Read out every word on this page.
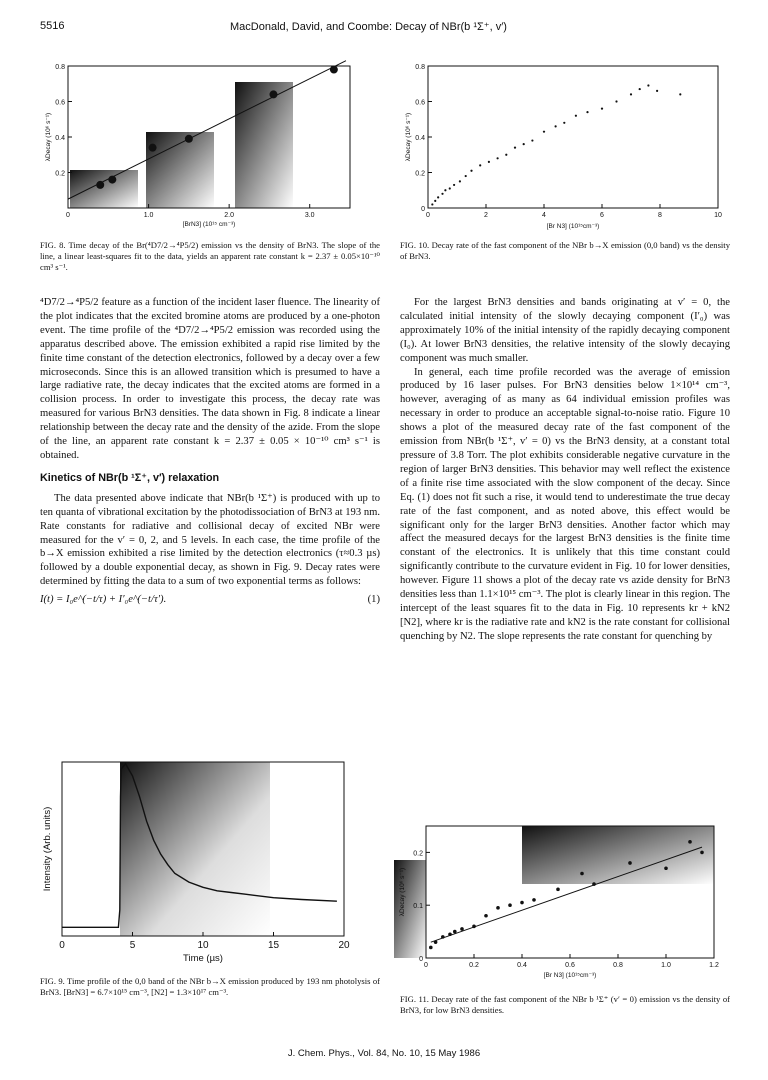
5516	MacDonald, David, and Coombe: Decay of NBr(b ¹Σ⁺, v′)
0	1.0	2.0	3.0
0.8
0.6
0.4
0.2
[BrN3] (10¹⁵ cm⁻³)
λDecay (10⁶ s⁻¹)
FIG. 8. Time decay of the Br(⁴D7/2→⁴P5/2) emission vs the density of BrN3. The slope of the line, a linear least-squares fit to the data, yields an apparent rate constant k = 2.37 ± 0.05×10⁻¹⁰ cm³ s⁻¹.
0	2	4	6	8	10
0.8
0.6
0.4
0.2
0
[Br N3] (10¹⁵cm⁻³)
λDecay (10⁶ s⁻¹)
FIG. 10. Decay rate of the fast component of the NBr b→X emission (0,0 band) vs the density of BrN3.

⁴D7/2→⁴P5/2 feature as a function of the incident laser fluence. The linearity of the plot indicates that the excited bromine atoms are produced by a one-photon event. The time profile of the ⁴D7/2→⁴P5/2 emission was recorded using the apparatus described above. The emission exhibited a rapid rise limited by the finite time constant of the detection electronics, followed by a decay over a few microseconds. Since this is an allowed transition which is presumed to have a large radiative rate, the decay indicates that the excited atoms are formed in a collision process. In order to investigate this process, the decay rate was measured for various BrN3 densities. The data shown in Fig. 8 indicate a linear relationship between the decay rate and the density of the azide. From the slope of the line, an apparent rate constant k = 2.37 ± 0.05 × 10⁻¹⁰ cm³ s⁻¹ is obtained.

Kinetics of NBr(b ¹Σ⁺, v′) relaxation

The data presented above indicate that NBr(b ¹Σ⁺) is produced with up to ten quanta of vibrational excitation by the photodissociation of BrN3 at 193 nm. Rate constants for radiative and collisional decay of excited NBr were measured for the v′ = 0, 2, and 5 levels. In each case, the time profile of the b→X emission exhibited a rise limited by the detection electronics (τ≈0.3 µs) followed by a double exponential decay, as shown in Fig. 9. Decay rates were determined by fitting the data to a sum of two exponential terms as follows:

I(t) = I₀e^(−t/τ) + I′₀e^(−t/τ′).	(1)
0	5	10	15	20
Time (µs)
Intensity (Arb. units)
FIG. 9. Time profile of the 0,0 band of the NBr b→X emission produced by 193 nm photolysis of BrN3. [BrN3] = 6.7×10¹⁵ cm⁻³, [N2] = 1.3×10¹⁷ cm⁻³.

For the largest BrN3 densities and bands originating at v′ = 0, the calculated initial intensity of the slowly decaying component (I′₀) was approximately 10% of the initial intensity of the rapidly decaying component (I₀). At lower BrN3 densities, the relative intensity of the slowly decaying component was much smaller.

In general, each time profile recorded was the average of emission produced by 16 laser pulses. For BrN3 densities below 1×10¹⁴ cm⁻³, however, averaging of as many as 64 individual emission profiles was necessary in order to produce an acceptable signal-to-noise ratio. Figure 10 shows a plot of the measured decay rate of the fast component of the emission from NBr(b ¹Σ⁺, v′ = 0) vs the BrN3 density, at a constant total pressure of 3.8 Torr. The plot exhibits considerable negative curvature in the region of larger BrN3 densities. This behavior may well reflect the existence of a finite rise time associated with the slow component of the decay. Since Eq. (1) does not fit such a rise, it would tend to underestimate the true decay rate of the fast component, and as noted above, this effect would be significant only for the larger BrN3 densities. Another factor which may affect the measured decays for the largest BrN3 densities is the finite time constant of the electronics. It is unlikely that this time constant could significantly contribute to the curvature evident in Fig. 10 for lower densities, however. Figure 11 shows a plot of the decay rate vs azide density for BrN3 densities less than 1.1×10¹⁵ cm⁻³. The plot is clearly linear in this region. The intercept of the least squares fit to the data in Fig. 10 represents kr + kN2 [N2], where kr is the radiative rate and kN2 is the rate constant for collisional quenching by N2. The slope represents the rate constant for quenching by

0	0.2	0.4	0.6	0.8	1.0	1.2
0.2
0.1
0
[Br N3] (10¹⁵cm⁻³)
λDecay (10⁶ s⁻¹)
FIG. 11. Decay rate of the fast component of the NBr b ¹Σ⁺ (v′ = 0) emission vs the density of BrN3, for low BrN3 densities.
J. Chem. Phys., Vol. 84, No. 10, 15 May 1986
